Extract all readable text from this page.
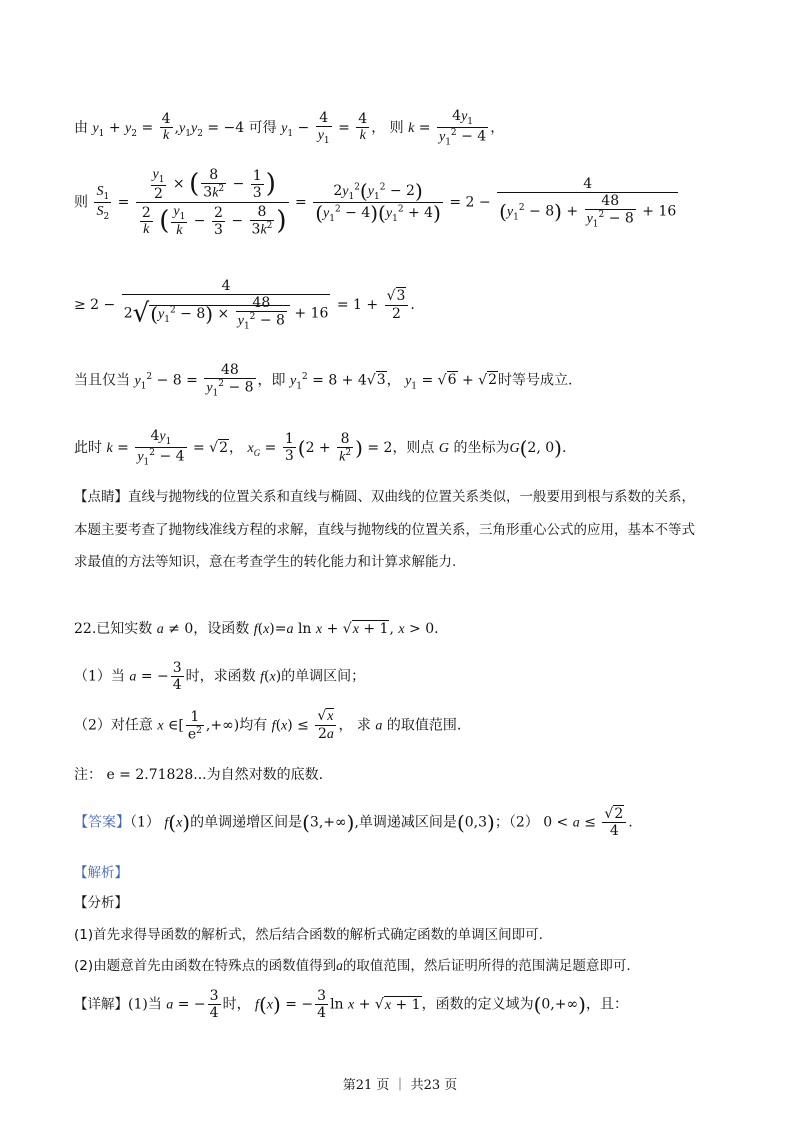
由 $y_1 + y_2 = \frac{4}{k} ,y_1y_2 = -4$ 可得 $y_1 - \frac{4}{y_1} = \frac{4}{k}$ ， 则 $k = \frac{4y_1}{y_1^2 - 4}$ ，
则 $\frac{S_1}{S_2} = \frac{\frac{y_1}{2} \times ( \frac{8}{3k^2} - \frac{1}{3} )}{\frac{2}{k} ( \frac{y_1}{k} - \frac{2}{3} - \frac{8}{3k^2} )} = \frac{2y_1^2(y_1^2 - 2)}{(y_1^2 - 4)(y_1^2 + 4)} = 2 - \frac{4}{(y_1^2 - 8) + \frac{48}{y_1^2 - 8} + 16}$
≥ $2 - \frac{4}{2√(y_1^2 - 8) \times \frac{48}{y_1^2 - 8} + 16} = 1 + \frac{√3}{2}$ .
当且仅当 $y_1^2 - 8 = \frac{48}{y_1^2 - 8}$ ，即 $y_1^2 = 8 + 4√3$， $y_1 = √6 + √2$时等号成立.
此时 $k = \frac{4y_1}{y_1^2 - 4} = √2$， $x_G = \frac{1}{3} (2 + \frac{8}{k^2}$ ) = 2，则点 G 的坐标为G(2, 0).
【点睛】直线与抛物线的位置关系和直线与椭圆、双曲线的位置关系类似，一般要用到根与系数的关系，
本题主要考查了抛物线准线方程的求解，直线与抛物线的位置关系，三角形重心公式的应用，基本不等式
求最值的方法等知识，意在考查学生的转化能力和计算求解能力.
22.已知实数 a ≠ 0，设函数 f(x)=a ln x + √x + 1, x > 0.
（1）当 a = − $\frac{3}{4}$ 时，求函数 f(x)的单调区间；
（2）对任意 x ∈[ $\frac{1}{e^2}$ ,+∞)均有 $f(x) \le \frac{√x}{2a}$ ， 求 a 的取值范围.
注： e = 2.71828...为自然对数的底数.
【答案】（1） f(x)的单调递增区间是(3,+∞),单调递减区间是(0,3)；（2） $0 < a \le \frac{√2}{4}$ .
【解析】
【分析】
(1)首先求得导函数的解析式，然后结合函数的解析式确定函数的单调区间即可.
(2)由题意首先由函数在特殊点的函数值得到a的取值范围，然后证明所得的范围满足题意即可.
【详解】(1)当 a = − $\frac{3}{4}$ 时， f(x) = − $\frac{3}{4}$ ln x + √x + 1，函数的定义域为(0,+∞)，且：
第21 页 ｜ 共23 页
